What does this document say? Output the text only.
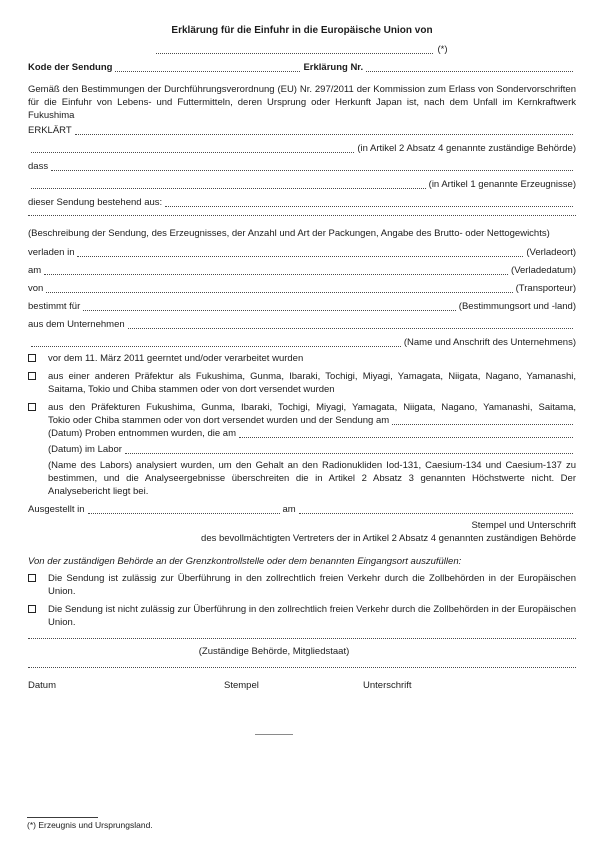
Erklärung für die Einfuhr in die Europäische Union von
(*)
Kode der Sendung	Erklärung Nr.

Gemäß den Bestimmungen der Durchführungsverordnung (EU) Nr. 297/2011 der Kommission zum Erlass von Sondervorschriften für die Einfuhr von Lebens- und Futtermitteln, deren Ursprung oder Herkunft Japan ist, nach dem Unfall im Kernkraftwerk Fukushima

ERKLÄRT
(in Artikel 2 Absatz 4 genannte zuständige Behörde)
dass
(in Artikel 1 genannte Erzeugnisse)
dieser Sendung bestehend aus:

(Beschreibung der Sendung, des Erzeugnisses, der Anzahl und Art der Packungen, Angabe des Brutto- oder Nettogewichts)

verladen in	(Verladeort)
am	(Verladedatum)
von	(Transporteur)
bestimmt für	(Bestimmungsort und -land)
aus dem Unternehmen
(Name und Anschrift des Unternehmens)
vor dem 11. März 2011 geerntet und/oder verarbeitet wurden
aus einer anderen Präfektur als Fukushima, Gunma, Ibaraki, Tochigi, Miyagi, Yamagata, Niigata, Nagano, Yamanashi, Saitama, Tokio und Chiba stammen oder von dort versendet wurden
aus den Präfekturen Fukushima, Gunma, Ibaraki, Tochigi, Miyagi, Yamagata, Niigata, Nagano, Yamanashi, Saitama,
Tokio oder Chiba stammen oder von dort versendet wurden und der Sendung am
(Datum) Proben entnommen wurden, die am
(Datum) im Labor

(Name des Labors) analysiert wurden, um den Gehalt an den Radionukliden Iod-131, Caesium-134 und Caesium-137 zu bestimmen, und die Analyseergebnisse überschreiten die in Artikel 2 Absatz 3 genannten Höchstwerte nicht. Der Analysebericht liegt bei.

Ausgestellt in	am
Stempel und Unterschrift
des bevollmächtigten Vertreters der in Artikel 2 Absatz 4 genannten zuständigen Behörde
Von der zuständigen Behörde an der Grenzkontrollstelle oder dem benannten Eingangsort auszufüllen:
Die Sendung ist zulässig zur Überführung in den zollrechtlich freien Verkehr durch die Zollbehörden in der Europäischen Union.
Die Sendung ist nicht zulässig zur Überführung in den zollrechtlich freien Verkehr durch die Zollbehörden in der Europäischen Union.
(Zuständige Behörde, Mitgliedstaat)
Datum	Stempel	Unterschrift
(*) Erzeugnis und Ursprungsland.
